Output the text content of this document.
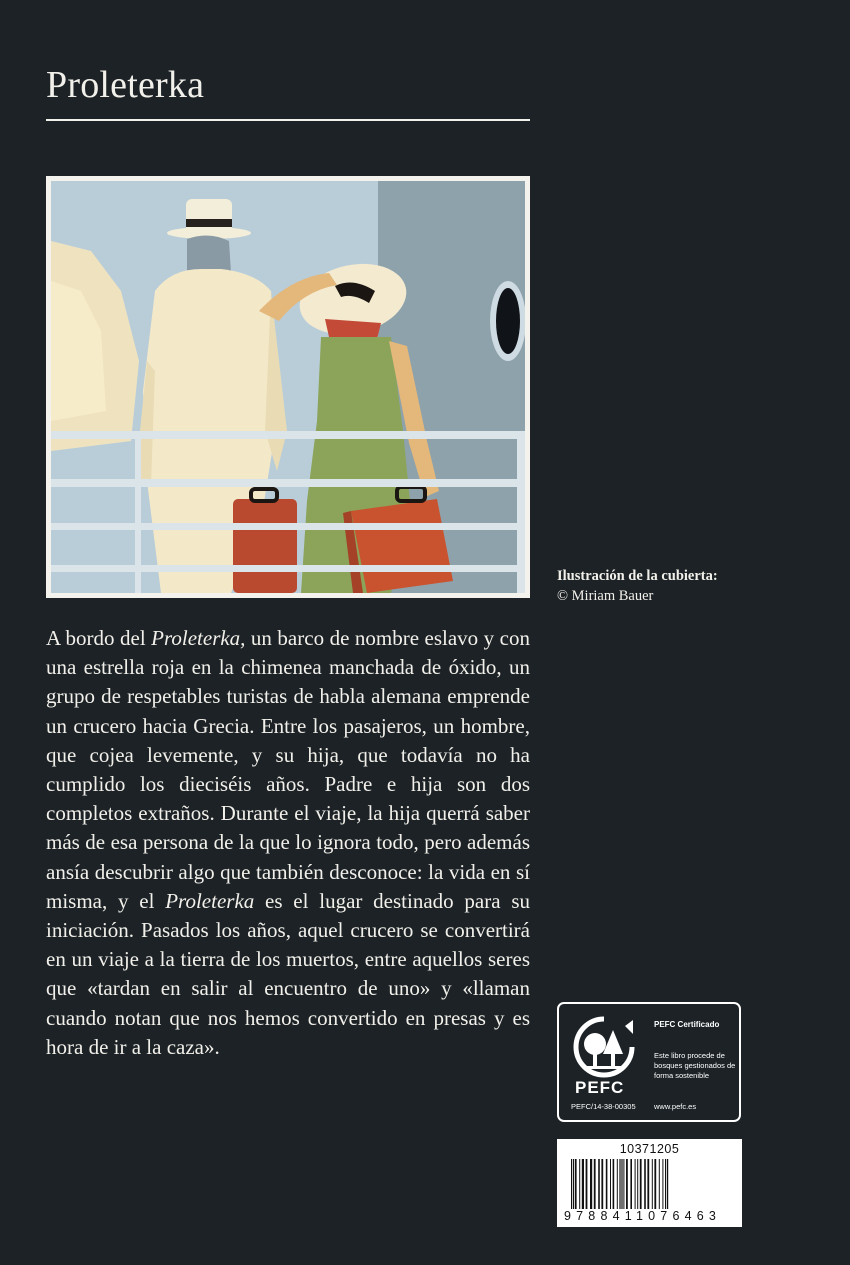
Proleterka
Ilustración de la cubierta:
© Miriam Bauer

A bordo del Proleterka, un barco de nombre eslavo y con una estrella roja en la chimenea manchada de óxido, un grupo de respetables turistas de habla alemana emprende un crucero hacia Grecia. Entre los pasajeros, un hombre, que cojea levemente, y su hija, que todavía no ha cumplido los dieciséis años. Padre e hija son dos completos extraños. Durante el viaje, la hija querrá saber más de esa persona de la que lo ignora todo, pero además ansía descubrir algo que también desconoce: la vida en sí misma, y el Proleterka es el lugar destinado para su iniciación. Pasados los años, aquel crucero se convertirá en un viaje a la tierra de los muertos, entre aquellos seres que «tardan en salir al encuentro de uno» y «llaman cuando notan que nos hemos convertido en presas y es hora de ir a la caza».

PEFC
PEFC/14-38-00305
PEFC Certificado
Este libro procede de bosques gestionados de forma sostenible
www.pefc.es
10371205
9788411076463
